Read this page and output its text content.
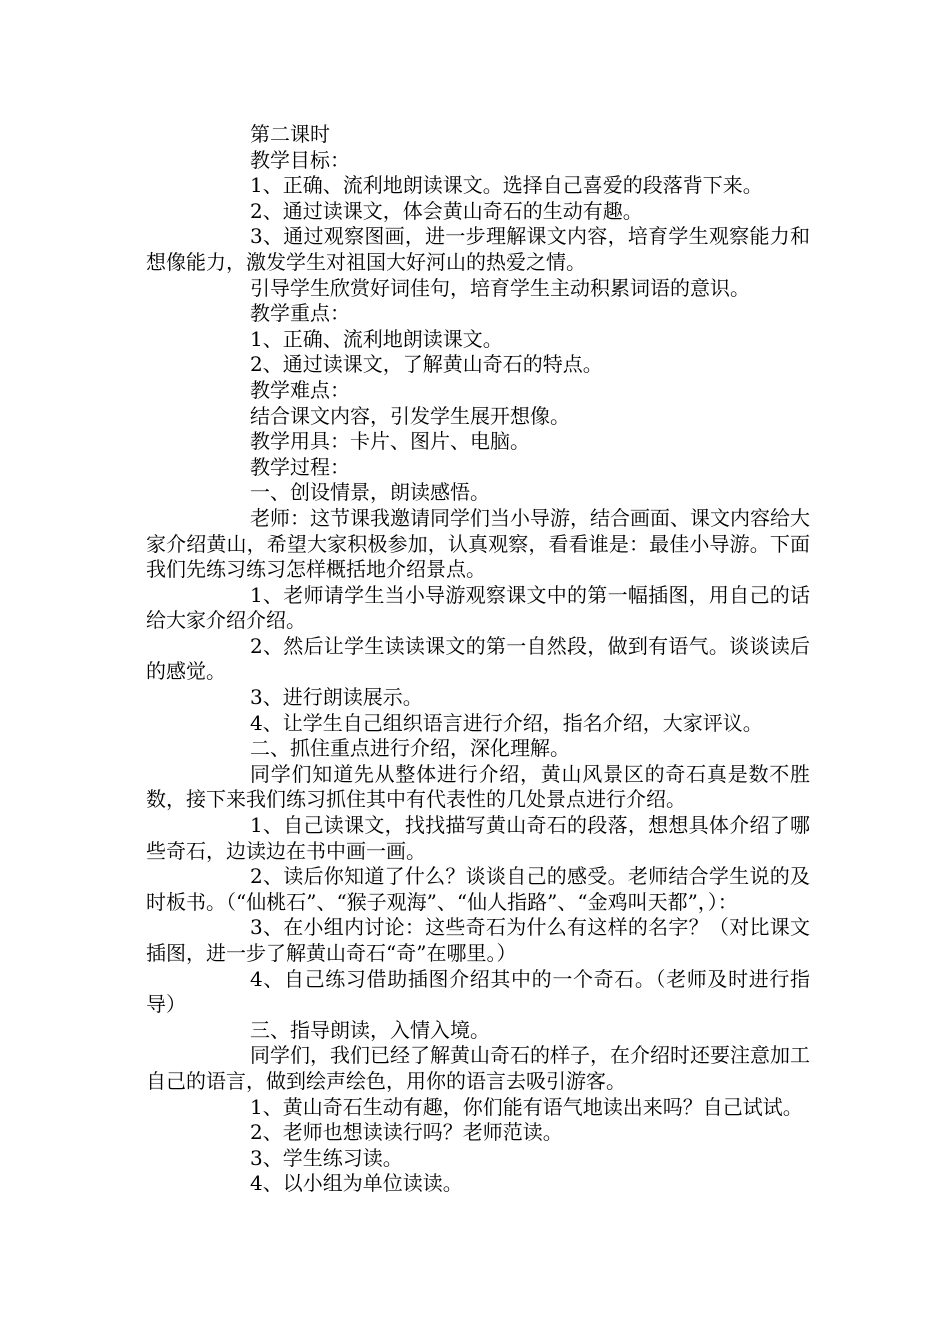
第二课时

教学目标：

1、正确、流利地朗读课文。选择自己喜爱的段落背下来。

2、通过读课文，体会黄山奇石的生动有趣。

3、通过观察图画，进一步理解课文内容，培育学生观察能力和想像能力，激发学生对祖国大好河山的热爱之情。

引导学生欣赏好词佳句，培育学生主动积累词语的意识。

教学重点：

1、正确、流利地朗读课文。

2、通过读课文，了解黄山奇石的特点。

教学难点：

结合课文内容，引发学生展开想像。

教学用具：卡片、图片、电脑。

教学过程：

一、创设情景，朗读感悟。

老师：这节课我邀请同学们当小导游，结合画面、课文内容给大家介绍黄山，希望大家积极参加，认真观察，看看谁是：最佳小导游。下面我们先练习练习怎样概括地介绍景点。

1、老师请学生当小导游观察课文中的第一幅插图，用自己的话给大家介绍介绍。

2、然后让学生读读课文的第一自然段，做到有语气。谈谈读后的感觉。

3、进行朗读展示。

4、让学生自己组织语言进行介绍，指名介绍，大家评议。

二、抓住重点进行介绍，深化理解。

同学们知道先从整体进行介绍，黄山风景区的奇石真是数不胜数，接下来我们练习抓住其中有代表性的几处景点进行介绍。

1、自己读课文，找找描写黄山奇石的段落，想想具体介绍了哪些奇石，边读边在书中画一画。

2、读后你知道了什么？谈谈自己的感受。老师结合学生说的及时板书。（“仙桃石”、“猴子观海”、“仙人指路”、“金鸡叫天都”，）：

3、在小组内讨论：这些奇石为什么有这样的名字？（对比课文插图，进一步了解黄山奇石“奇”在哪里。）

4、自己练习借助插图介绍其中的一个奇石。（老师及时进行指导）

三、指导朗读，入情入境。

同学们，我们已经了解黄山奇石的样子，在介绍时还要注意加工自己的语言，做到绘声绘色，用你的语言去吸引游客。

1、黄山奇石生动有趣，你们能有语气地读出来吗？自己试试。

2、老师也想读读行吗？老师范读。

3、学生练习读。

4、以小组为单位读读。
